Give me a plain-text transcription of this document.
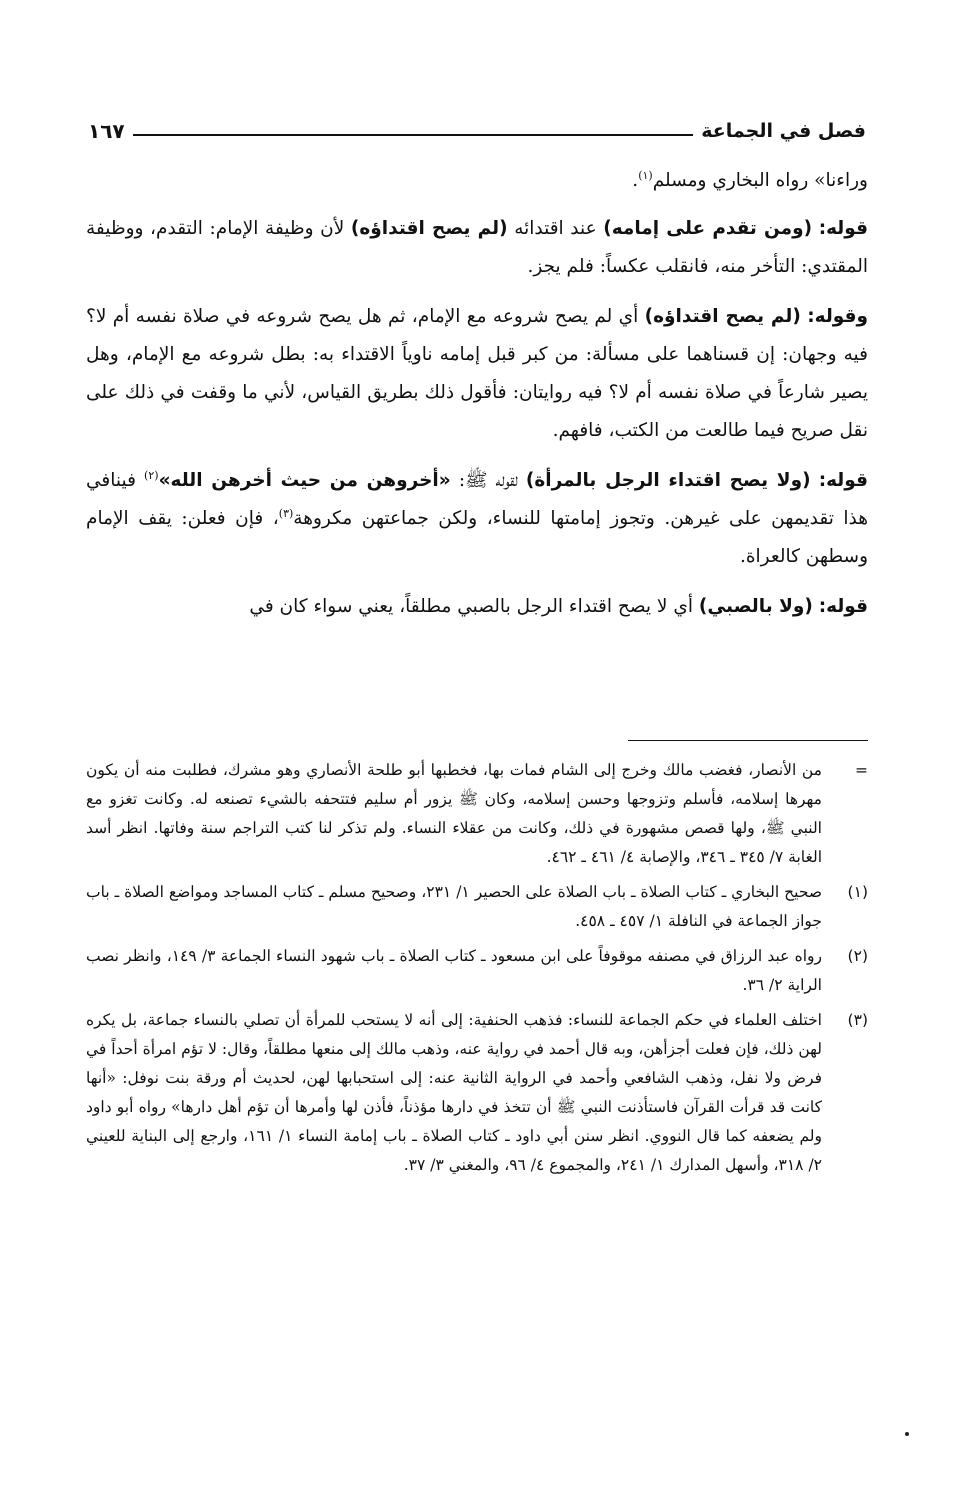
فصل في الجماعة
١٦٧

وراءنا» رواه البخاري ومسلم$^{(١)}$.

قوله: (ومن تقدم على إمامه) عند اقتدائه (لم يصح اقتداؤه) لأن وظيفة الإمام: التقدم، ووظيفة المقتدي: التأخر منه، فانقلب عكساً: فلم يجز.

وقوله: (لم يصح اقتداؤه) أي لم يصح شروعه مع الإمام، ثم هل يصح شروعه في صلاة نفسه أم لا؟ فيه وجهان: إن قسناهما على مسألة: من كبر قبل إمامه ناوياً الاقتداء به: بطل شروعه مع الإمام، وهل يصير شارعاً في صلاة نفسه أم لا؟ فيه روايتان: فأقول ذلك بطريق القياس، لأني ما وقفت في ذلك على نقل صريح فيما طالعت من الكتب، فافهم.

قوله: (ولا يصح اقتداء الرجل بالمرأة) لقوله ﷺ: «أخروهن من حيث أخرهن الله»$^{(٢)}$ فينافي هذا تقديمهن على غيرهن. وتجوز إمامتها للنساء، ولكن جماعتهن مكروهة$^{(٣)}$، فإن فعلن: يقف الإمام وسطهن كالعراة.

قوله: (ولا بالصبي) أي لا يصح اقتداء الرجل بالصبي مطلقاً، يعني سواء كان في

=
من الأنصار، فغضب مالك وخرج إلى الشام فمات بها، فخطبها أبو طلحة الأنصاري وهو مشرك، فطلبت منه أن يكون مهرها إسلامه، فأسلم وتزوجها وحسن إسلامه، وكان ﷺ يزور أم سليم فتتحفه بالشيء تصنعه له. وكانت تغزو مع النبي ﷺ، ولها قصص مشهورة في ذلك، وكانت من عقلاء النساء. ولم تذكر لنا كتب التراجم سنة وفاتها. انظر أسد الغابة ٧/ ٣٤٥ ـ ٣٤٦، والإصابة ٤/ ٤٦١ ـ ٤٦٢.
(١)
صحيح البخاري ـ كتاب الصلاة ـ باب الصلاة على الحصير ١/ ٢٣١، وصحيح مسلم ـ كتاب المساجد ومواضع الصلاة ـ باب جواز الجماعة في النافلة ١/ ٤٥٧ ـ ٤٥٨.
(٢)
رواه عبد الرزاق في مصنفه موقوفاً على ابن مسعود ـ كتاب الصلاة ـ باب شهود النساء الجماعة ٣/ ١٤٩، وانظر نصب الراية ٢/ ٣٦.
(٣)
اختلف العلماء في حكم الجماعة للنساء: فذهب الحنفية: إلى أنه لا يستحب للمرأة أن تصلي بالنساء جماعة، بل يكره لهن ذلك، فإن فعلت أجزأهن، وبه قال أحمد في رواية عنه، وذهب مالك إلى منعها مطلقاً، وقال: لا تؤم امرأة أحداً في فرض ولا نفل، وذهب الشافعي وأحمد في الرواية الثانية عنه: إلى استحبابها لهن، لحديث أم ورقة بنت نوفل: «أنها كانت قد قرأت القرآن فاستأذنت النبي ﷺ أن تتخذ في دارها مؤذناً، فأذن لها وأمرها أن تؤم أهل دارها» رواه أبو داود ولم يضعفه كما قال النووي. انظر سنن أبي داود ـ كتاب الصلاة ـ باب إمامة النساء ١/ ١٦١، وارجع إلى البناية للعيني ٢/ ٣١٨، وأسهل المدارك ١/ ٢٤١، والمجموع ٤/ ٩٦، والمغني ٣/ ٣٧.
